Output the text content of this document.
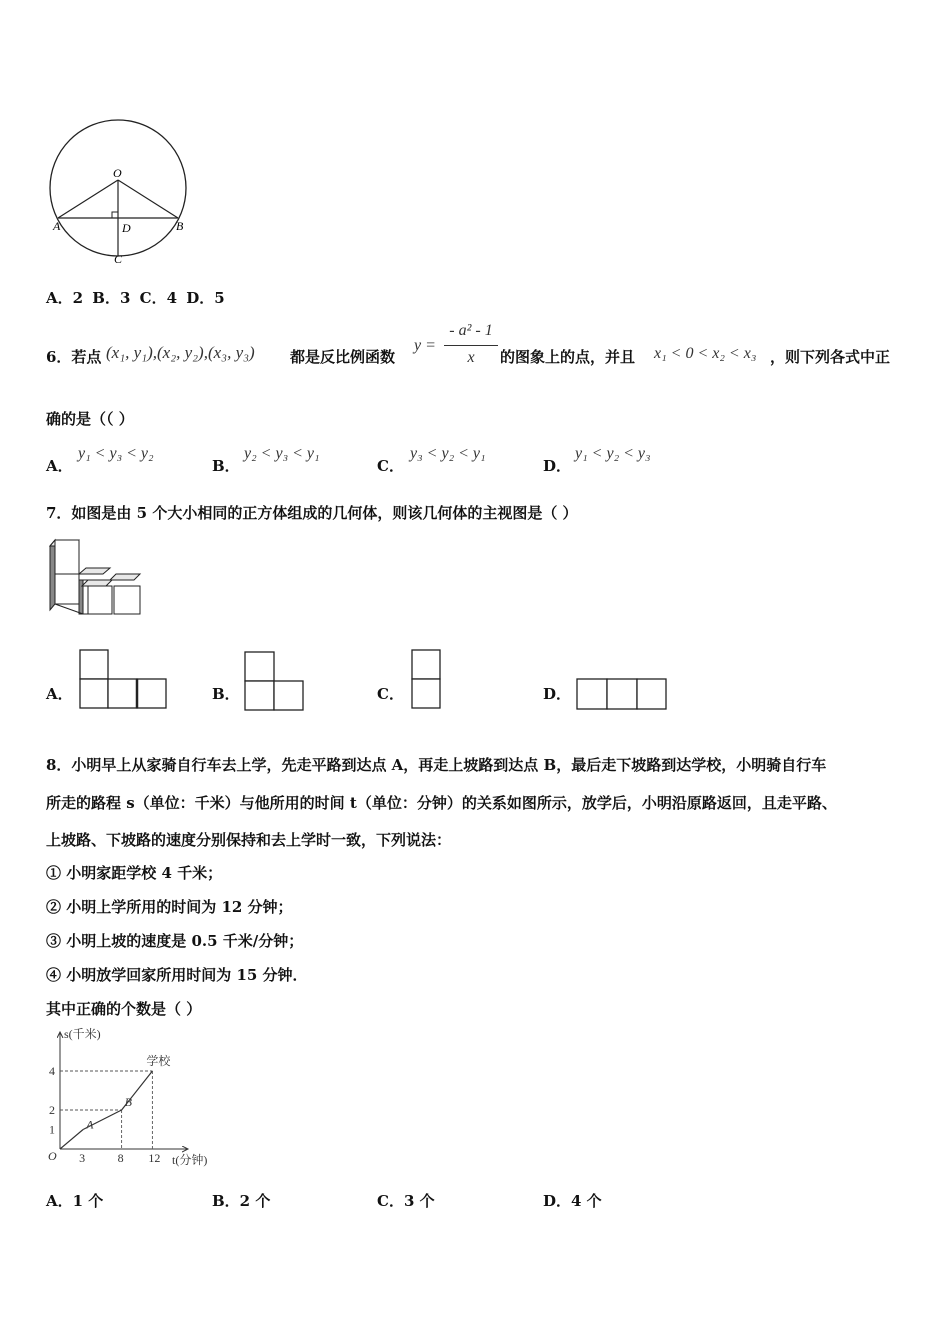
O
A	B
D
C
A．2 B．3 C．4 D．5
6．若点 (x₁, y₁),(x₂, y₂),(x₃, y₃) 都是反比例函数
y =
- a² - 1
x	的图象上的点，并且 x₁ < 0 < x₂ < x₃ ，则下列各式中正
确的是（（ ）
A．
y₁ < y₃ < y₂
B．
y₂ < y₃ < y₁
C．
y₃ < y₂ < y₁
D．
y₁ < y₂ < y₃
7．如图是由 5 个大小相同的正方体组成的几何体，则该几何体的主视图是（ ）
A．	B．	C．	D．
8．小明早上从家骑自行车去上学，先走平路到达点 A，再走上坡路到达点 B，最后走下坡路到达学校，小明骑自行车
所走的路程 s（单位：千米）与他所用的时间 t（单位：分钟）的关系如图所示，放学后，小明沿原路返回，且走平路、
上坡路、下坡路的速度分别保持和去上学时一致，下列说法：
① 小明家距学校 4 千米；
② 小明上学所用的时间为 12 分钟；
③ 小明上坡的速度是 0.5 千米/分钟；
④ 小明放学回家所用时间为 15 分钟．
其中正确的个数是（ ）
s(千米)
t(分钟)
O 3	8 12
1
2
4
A
B
学校
A．1 个	B．2 个	C．3 个	D．4 个
